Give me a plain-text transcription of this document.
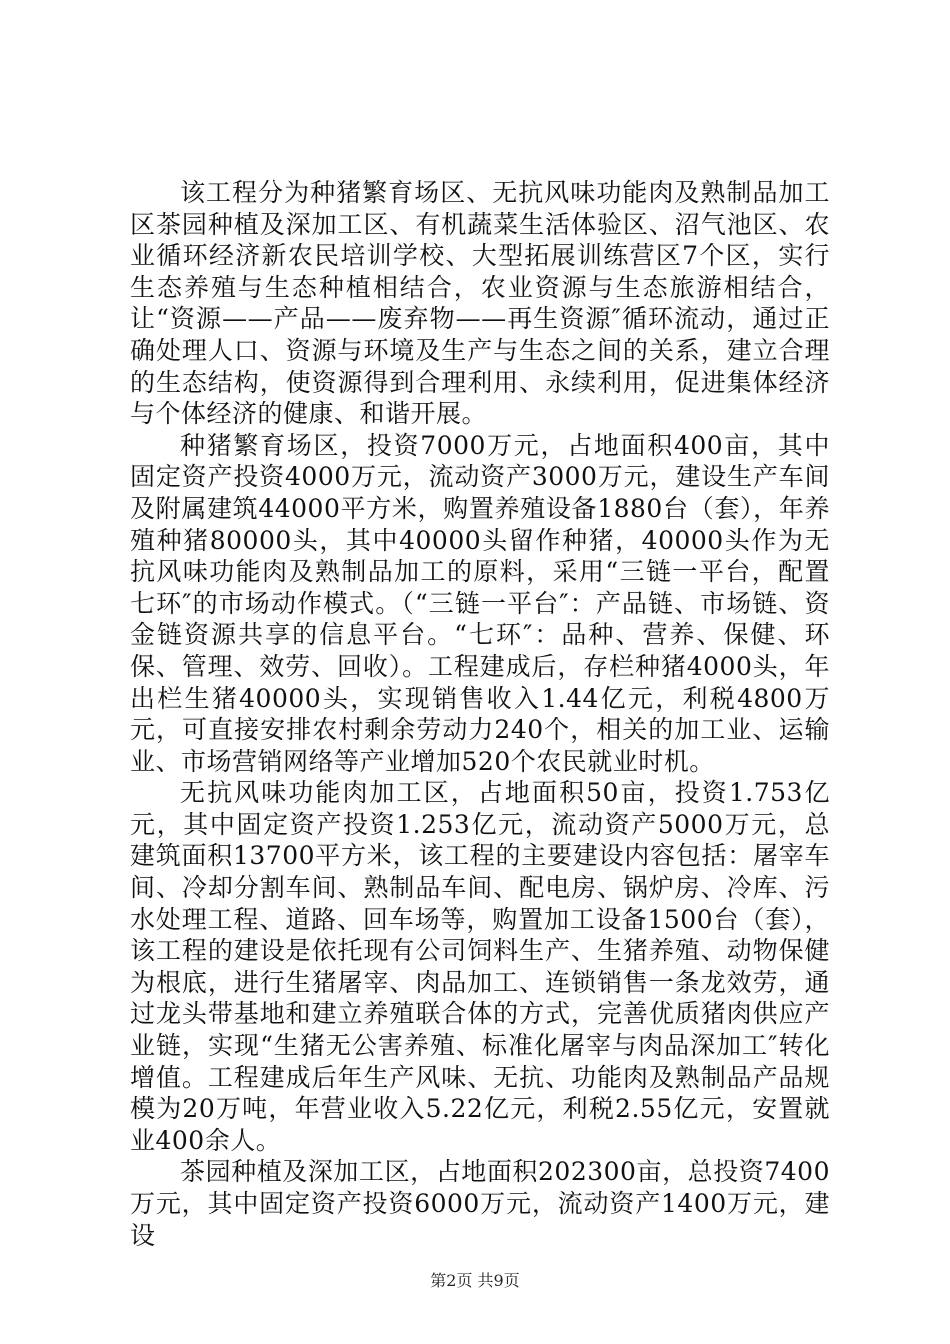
该工程分为种猪繁育场区、无抗风味功能肉及熟制品加工区茶园种植及深加工区、有机蔬菜生活体验区、沼气池区、农业循环经济新农民培训学校、大型拓展训练营区7个区，实行生态养殖与生态种植相结合，农业资源与生态旅游相结合，让“资源——产品——废弃物——再生资源″循环流动，通过正确处理人口、资源与环境及生产与生态之间的关系，建立合理的生态结构，使资源得到合理利用、永续利用，促进集体经济与个体经济的健康、和谐开展。

种猪繁育场区，投资7000万元，占地面积400亩，其中固定资产投资4000万元，流动资产3000万元，建设生产车间及附属建筑44000平方米，购置养殖设备1880台（套），年养殖种猪80000头，其中40000头留作种猪，40000头作为无抗风味功能肉及熟制品加工的原料，采用“三链一平台，配置七环″的市场动作模式。（“三链一平台″：产品链、市场链、资金链资源共享的信息平台。“七环″：品种、营养、保健、环保、管理、效劳、回收）。工程建成后，存栏种猪4000头，年出栏生猪40000头，实现销售收入1.44亿元，利税4800万元，可直接安排农村剩余劳动力240个，相关的加工业、运输业、市场营销网络等产业增加520个农民就业时机。

无抗风味功能肉加工区，占地面积50亩，投资1.753亿元，其中固定资产投资1.253亿元，流动资产5000万元，总建筑面积13700平方米，该工程的主要建设内容包括：屠宰车间、冷却分割车间、熟制品车间、配电房、锅炉房、冷库、污水处理工程、道路、回车场等，购置加工设备1500台（套），该工程的建设是依托现有公司饲料生产、生猪养殖、动物保健为根底，进行生猪屠宰、肉品加工、连锁销售一条龙效劳，通过龙头带基地和建立养殖联合体的方式，完善优质猪肉供应产业链，实现“生猪无公害养殖、标准化屠宰与肉品深加工″转化增值。工程建成后年生产风味、无抗、功能肉及熟制品产品规模为20万吨，年营业收入5.22亿元，利税2.55亿元，安置就业400余人。

茶园种植及深加工区，占地面积202300亩，总投资7400万元，其中固定资产投资6000万元，流动资产1400万元，建设

第2页 共9页
